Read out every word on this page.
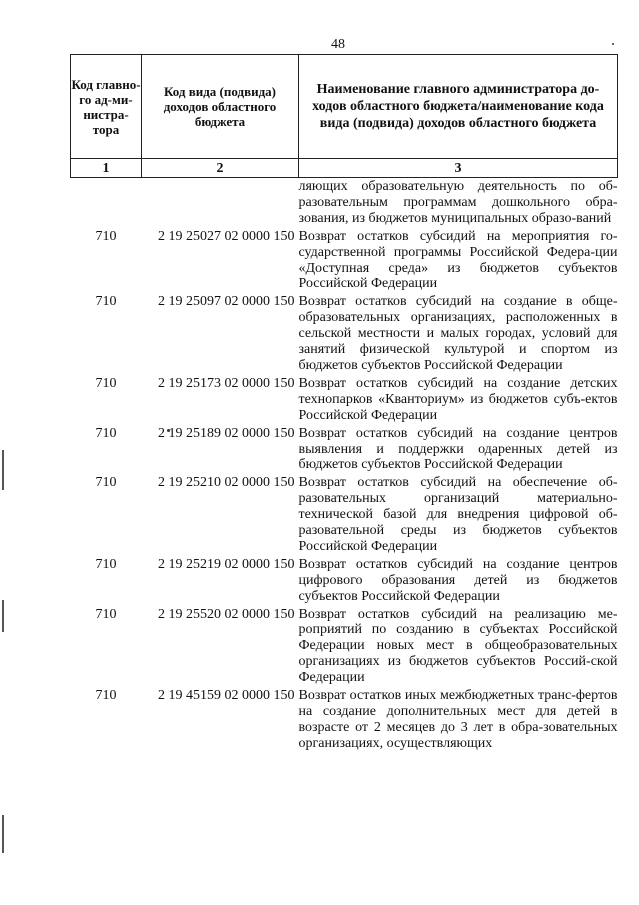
48
Код главно-го ад-ми-нистра-тора	Код вида (подвида) доходов областного бюджета	Наименование главного администратора до-ходов областного бюджета/наименование кода вида (подвида) доходов областного бюджета
1	2	3
		ляющих образовательную деятельность по об-разовательным программам дошкольного обра-зования, из бюджетов муниципальных образо-ваний
710	2 19 25027 02 0000 150	Возврат остатков субсидий на мероприятия го-сударственной программы Российской Федера-ции «Доступная среда» из бюджетов субъектов Российской Федерации
710	2 19 25097 02 0000 150	Возврат остатков субсидий на создание в обще-образовательных организациях, расположенных в сельской местности и малых городах, условий для занятий физической культурой и спортом из бюджетов субъектов Российской Федерации
710	2 19 25173 02 0000 150	Возврат остатков субсидий на создание детских технопарков «Кванториум» из бюджетов субъ-ектов Российской Федерации
710	2 19 25189 02 0000 150	Возврат остатков субсидий на создание центров выявления и поддержки одаренных детей из бюджетов субъектов Российской Федерации
710	2 19 25210 02 0000 150	Возврат остатков субсидий на обеспечение об-разовательных организаций материально-технической базой для внедрения цифровой об-разовательной среды из бюджетов субъектов Российской Федерации
710	2 19 25219 02 0000 150	Возврат остатков субсидий на создание центров цифрового образования детей из бюджетов субъектов Российской Федерации
710	2 19 25520 02 0000 150	Возврат остатков субсидий на реализацию ме-роприятий по созданию в субъектах Российской Федерации новых мест в общеобразовательных организациях из бюджетов субъектов Россий-ской Федерации
710	2 19 45159 02 0000 150	Возврат остатков иных межбюджетных транс-фертов на создание дополнительных мест для детей в возрасте от 2 месяцев до 3 лет в обра-зовательных организациях, осуществляющих
